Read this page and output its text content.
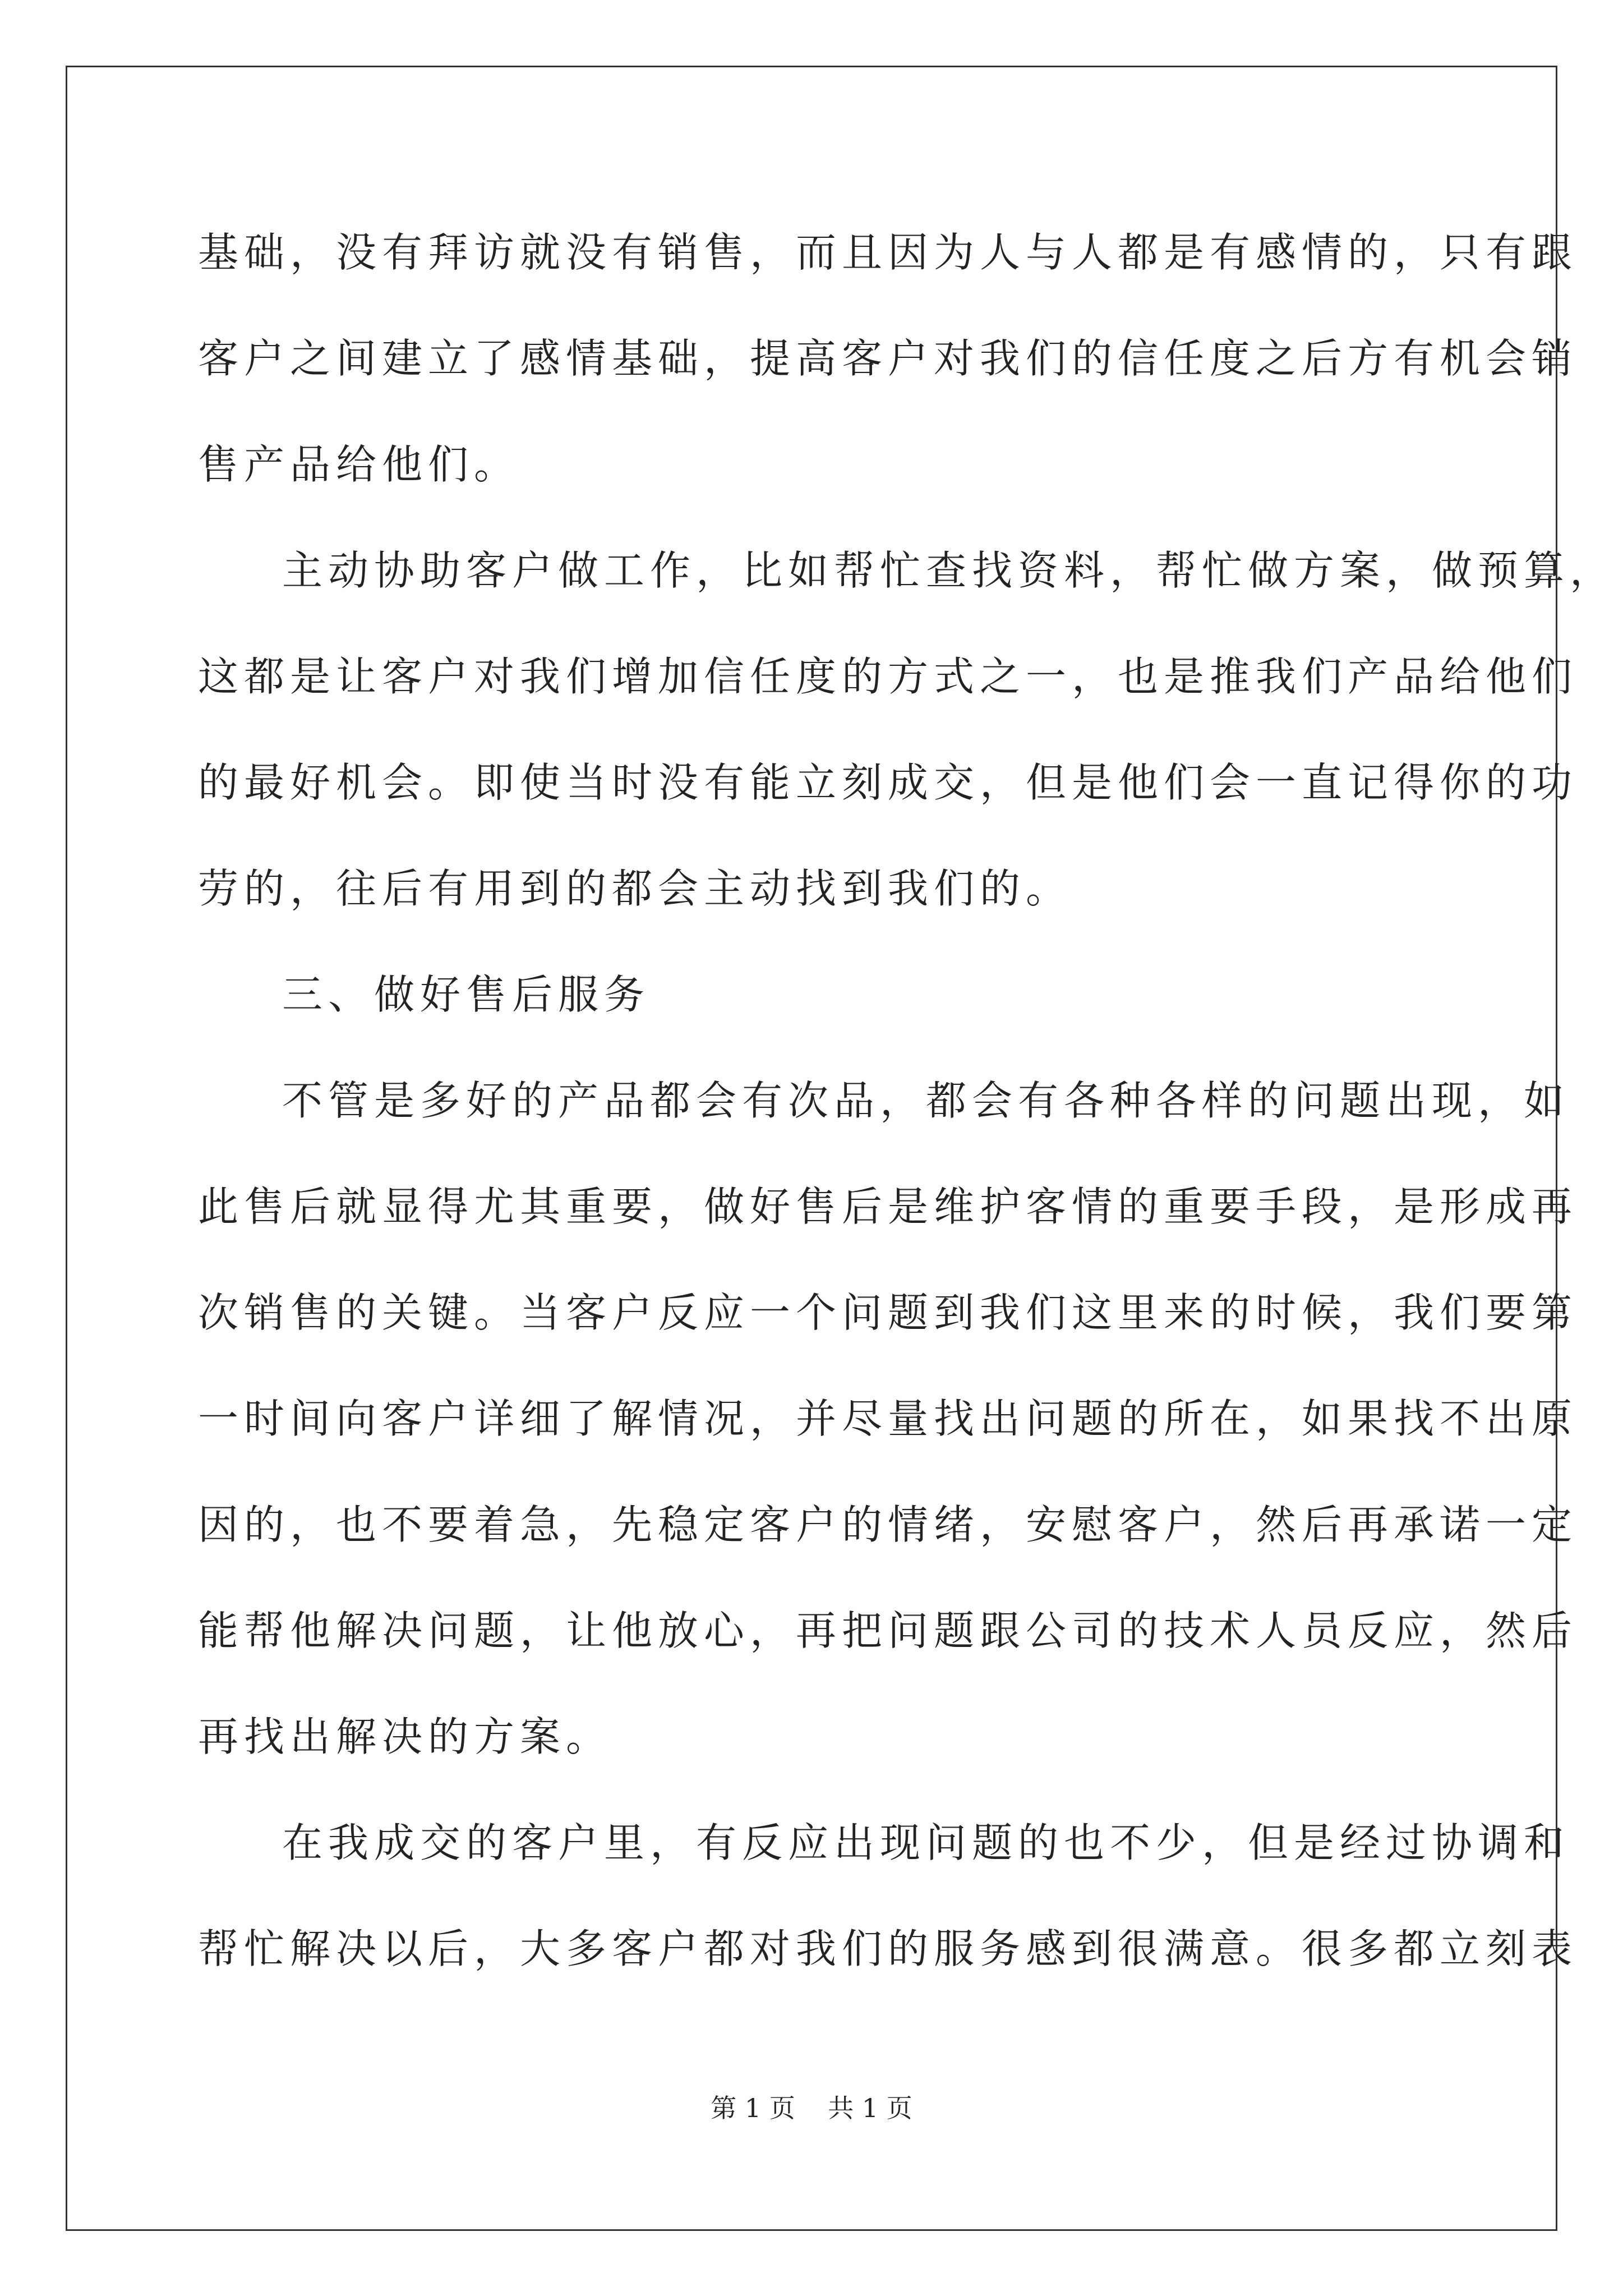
基础，没有拜访就没有销售，而且因为人与人都是有感情的，只有跟
客户之间建立了感情基础，提高客户对我们的信任度之后方有机会销
售产品给他们。
主动协助客户做工作，比如帮忙查找资料，帮忙做方案，做预算，
这都是让客户对我们增加信任度的方式之一，也是推我们产品给他们
的最好机会。即使当时没有能立刻成交，但是他们会一直记得你的功
劳的，往后有用到的都会主动找到我们的。
三、做好售后服务
不管是多好的产品都会有次品，都会有各种各样的问题出现，如
此售后就显得尤其重要，做好售后是维护客情的重要手段，是形成再
次销售的关键。当客户反应一个问题到我们这里来的时候，我们要第
一时间向客户详细了解情况，并尽量找出问题的所在，如果找不出原
因的，也不要着急，先稳定客户的情绪，安慰客户，然后再承诺一定
能帮他解决问题，让他放心，再把问题跟公司的技术人员反应，然后
再找出解决的方案。
在我成交的客户里，有反应出现问题的也不少，但是经过协调和
帮忙解决以后，大多客户都对我们的服务感到很满意。很多都立刻表
第 1 页    共 1 页
